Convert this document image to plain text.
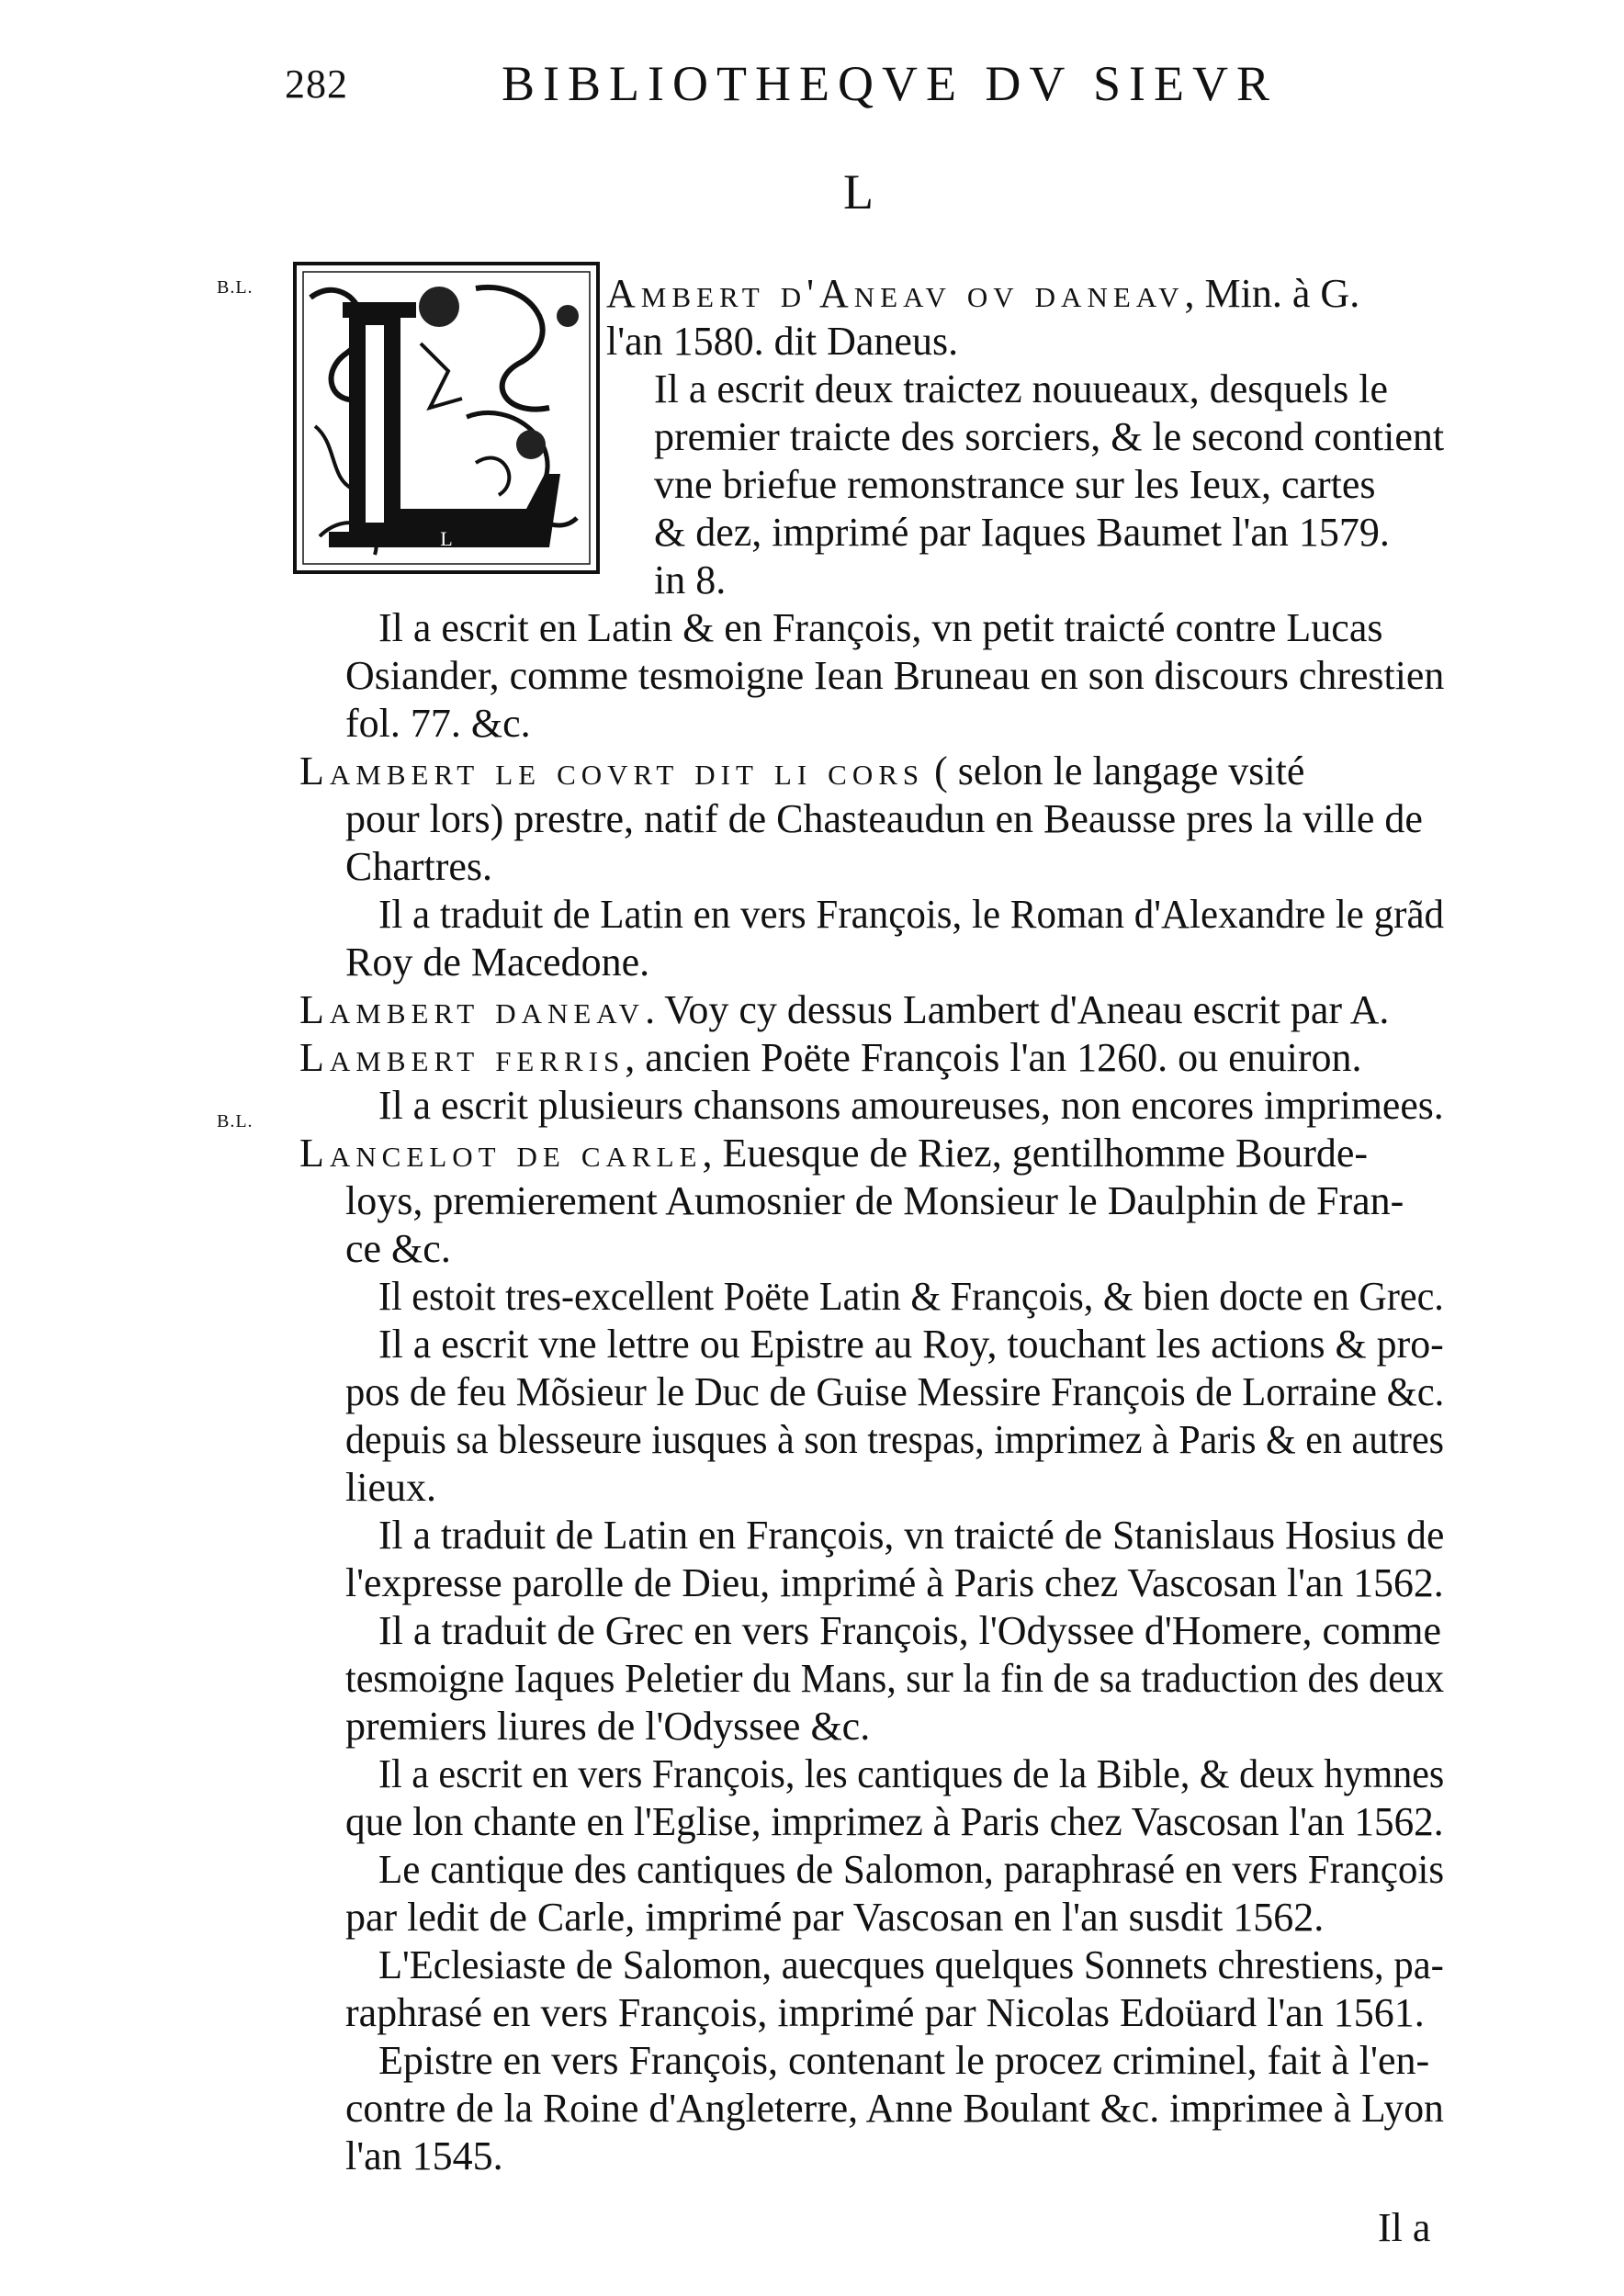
282	BIBLIOTHEQVE DV SIEVR
L
B.L.
B.L.
L
Ambert d'Aneav ov daneav, Min. à G.
l'an 1580. dit Daneus.
Il a escrit deux traictez nouueaux, desquels le
premier traicte des sorciers, & le second contient
vne briefue remonstrance sur les Ieux, cartes
& dez, imprimé par Iaques Baumet l'an 1579.
in 8.
Il a escrit en Latin & en François, vn petit traicté contre Lucas
Osiander, comme tesmoigne Iean Bruneau en son discours chrestien
fol. 77. &c.
Lambert le covrt dit li cors ( selon le langage vsité
pour lors) prestre, natif de Chasteaudun en Beausse pres la ville de
Chartres.
Il a traduit de Latin en vers François, le Roman d'Alexandre le grãd
Roy de Macedone.
Lambert daneav. Voy cy dessus Lambert d'Aneau escrit par A.
Lambert ferris, ancien Poëte François l'an 1260. ou enuiron.
Il a escrit plusieurs chansons amoureuses, non encores imprimees.
Lancelot de carle, Euesque de Riez, gentilhomme Bourde-
loys, premierement Aumosnier de Monsieur le Daulphin de Fran-
ce &c.
Il estoit tres-excellent Poëte Latin & François, & bien docte en Grec.
Il a escrit vne lettre ou Epistre au Roy, touchant les actions & pro-
pos de feu Mõsieur le Duc de Guise Messire François de Lorraine &c.
depuis sa blesseure iusques à son trespas, imprimez à Paris & en autres
lieux.
Il a traduit de Latin en François, vn traicté de Stanislaus Hosius de
l'expresse parolle de Dieu, imprimé à Paris chez Vascosan l'an 1562.
Il a traduit de Grec en vers François, l'Odyssee d'Homere, comme
tesmoigne Iaques Peletier du Mans, sur la fin de sa traduction des deux
premiers liures de l'Odyssee &c.
Il a escrit en vers François, les cantiques de la Bible, & deux hymnes
que lon chante en l'Eglise, imprimez à Paris chez Vascosan l'an 1562.
Le cantique des cantiques de Salomon, paraphrasé en vers François
par ledit de Carle, imprimé par Vascosan en l'an susdit 1562.
L'Eclesiaste de Salomon, auecques quelques Sonnets chrestiens, pa-
raphrasé en vers François, imprimé par Nicolas Edoüard l'an 1561.
Epistre en vers François, contenant le procez criminel, fait à l'en-
contre de la Roine d'Angleterre, Anne Boulant &c. imprimee à Lyon
l'an 1545.
Il a
